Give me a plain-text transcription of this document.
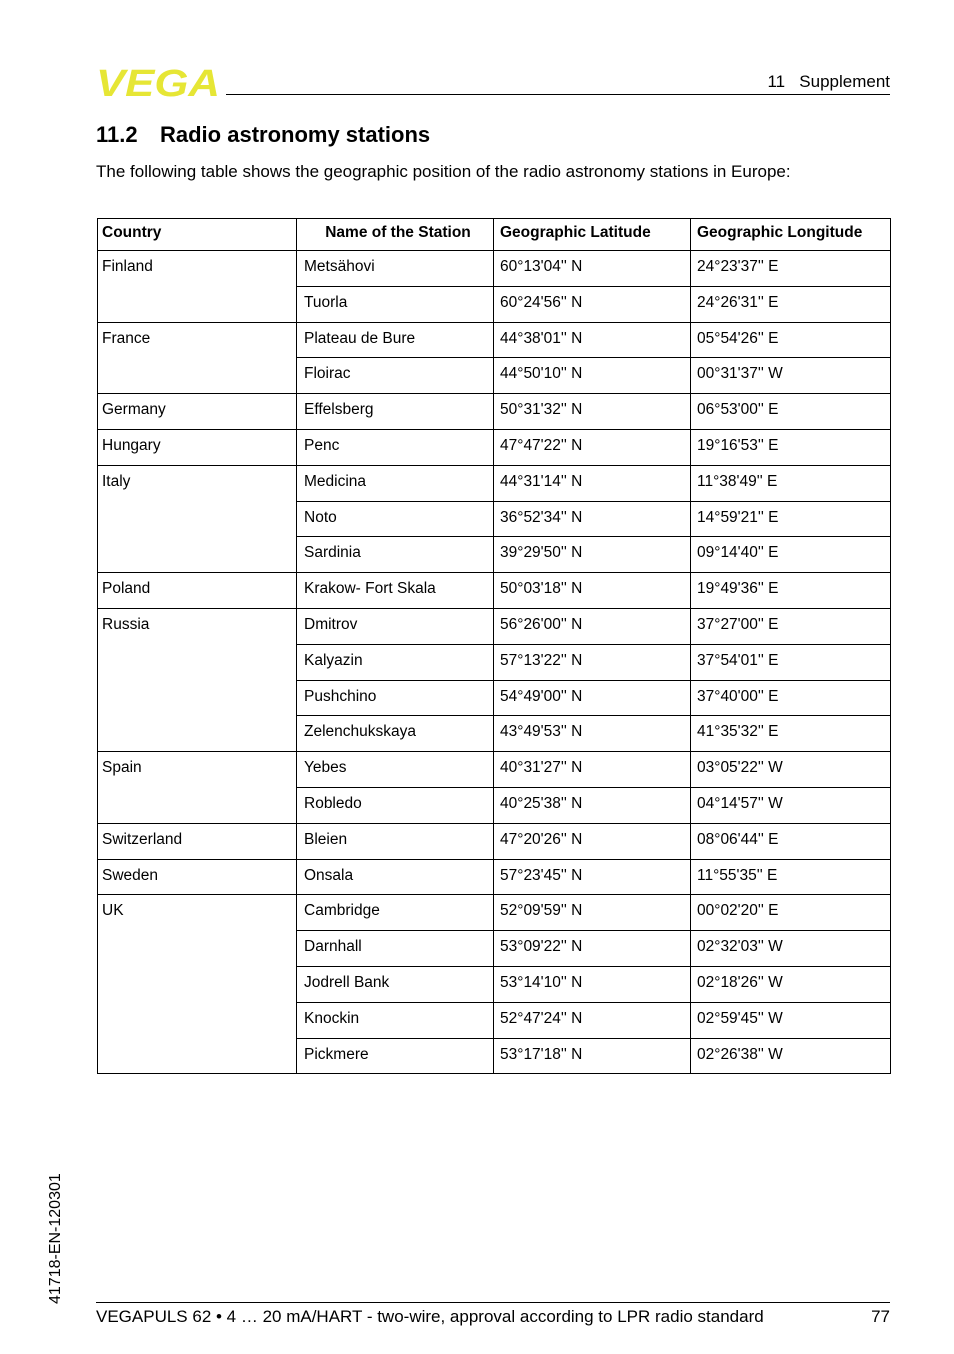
VEGA	11   Supplement
11.2 Radio astronomy stations

The following table shows the geographic position of the radio astronomy stations in Europe:

Country	Name of the Station	Geographic Latitude	Geographic Longitude
Finland	Metsähovi	60°13'04'' N	24°23'37'' E
	Tuorla	60°24'56'' N	24°26'31'' E
France	Plateau de Bure	44°38'01'' N	05°54'26'' E
	Floirac	44°50'10'' N	00°31'37'' W
Germany	Effelsberg	50°31'32'' N	06°53'00'' E
Hungary	Penc	47°47'22'' N	19°16'53'' E
Italy	Medicina	44°31'14'' N	11°38'49'' E
	Noto	36°52'34'' N	14°59'21'' E
	Sardinia	39°29'50'' N	09°14'40'' E
Poland	Krakow- Fort Skala	50°03'18'' N	19°49'36'' E
Russia	Dmitrov	56°26'00'' N	37°27'00'' E
	Kalyazin	57°13'22'' N	37°54'01'' E
	Pushchino	54°49'00'' N	37°40'00'' E
	Zelenchukskaya	43°49'53'' N	41°35'32'' E
Spain	Yebes	40°31'27'' N	03°05'22'' W
	Robledo	40°25'38'' N	04°14'57'' W
Switzerland	Bleien	47°20'26'' N	08°06'44'' E
Sweden	Onsala	57°23'45'' N	11°55'35'' E
UK	Cambridge	52°09'59'' N	00°02'20'' E
	Darnhall	53°09'22'' N	02°32'03'' W
	Jodrell Bank	53°14'10'' N	02°18'26'' W
	Knockin	52°47'24'' N	02°59'45'' W
	Pickmere	53°17'18'' N	02°26'38'' W
41718-EN-120301
VEGAPULS 62 • 4 … 20 mA/HART - two-wire, approval according to LPR radio standard	77
